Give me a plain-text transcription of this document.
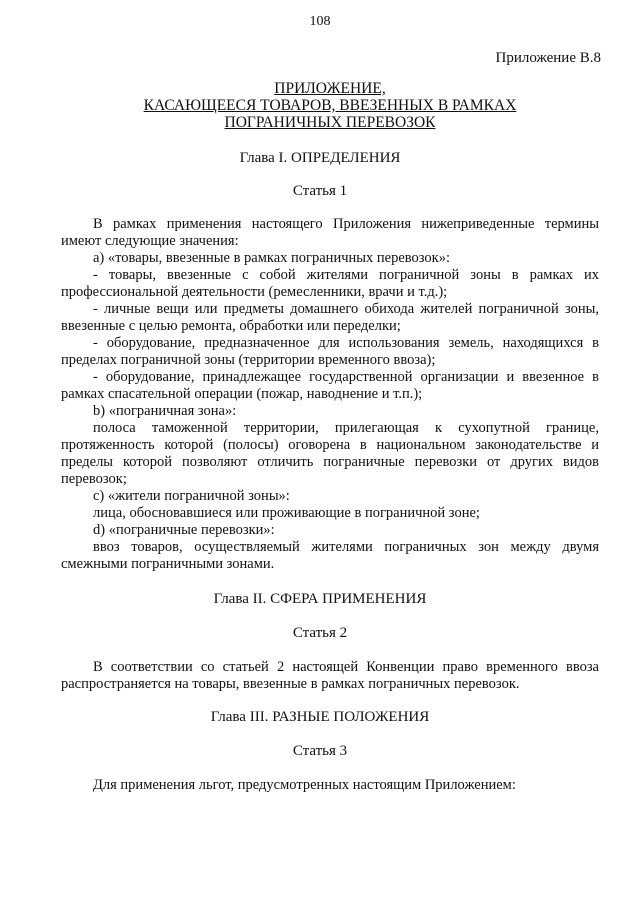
108
Приложение В.8
ПРИЛОЖЕНИЕ,
КАСАЮЩЕЕСЯ ТОВАРОВ, ВВЕЗЕННЫХ В РАМКАХ
ПОГРАНИЧНЫХ ПЕРЕВОЗОК
Глава I. ОПРЕДЕЛЕНИЯ
Статья 1

В рамках применения настоящего Приложения нижеприведенные термины имеют следующие значения:

а) «товары, ввезенные в рамках пограничных перевозок»:

- товары, ввезенные с собой жителями пограничной зоны в рамках их профессиональной деятельности (ремесленники, врачи и т.д.);

- личные вещи или предметы домашнего обихода жителей пограничной зоны, ввезенные с целью ремонта, обработки или переделки;

- оборудование, предназначенное для использования земель, находящихся в пределах пограничной зоны (территории временного ввоза);

- оборудование, принадлежащее государственной организации и ввезенное в рамках спасательной операции (пожар, наводнение и т.п.);

b) «пограничная зона»:

полоса таможенной территории, прилегающая к сухопутной границе, протяженность которой (полосы) оговорена в национальном законодательстве и пределы которой позволяют отличить пограничные перевозки от других видов перевозок;

с) «жители пограничной зоны»:

лица, обосновавшиеся или проживающие в пограничной зоне;

d) «пограничные перевозки»:

ввоз товаров, осуществляемый жителями пограничных зон между двумя смежными пограничными зонами.

Глава II. СФЕРА ПРИМЕНЕНИЯ
Статья 2

В соответствии со статьей 2 настоящей Конвенции право временного ввоза распространяется на товары, ввезенные в рамках пограничных перевозок.

Глава III. РАЗНЫЕ ПОЛОЖЕНИЯ
Статья 3

Для применения льгот, предусмотренных настоящим Приложением:
